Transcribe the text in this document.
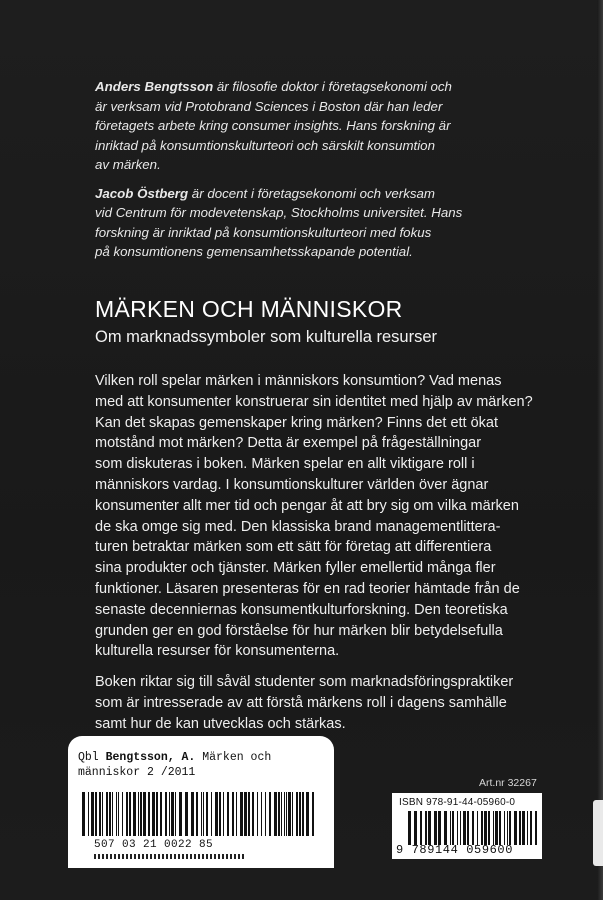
Anders Bengtsson är filosofie doktor i företagsekonomi och
är verksam vid Protobrand Sciences i Boston där han leder
företagets arbete kring consumer insights. Hans forskning är
inriktad på konsumtionskulturteori och särskilt konsumtion
av märken.

Jacob Östberg är docent i företagsekonomi och verksam
vid Centrum för modevetenskap, Stockholms universitet. Hans
forskning är inriktad på konsumtionskulturteori med fokus
på konsumtionens gemensamhetsskapande potential.

MÄRKEN OCH MÄNNISKOR
Om marknadssymboler som kulturella resurser

Vilken roll spelar märken i människors konsumtion? Vad menas
med att konsumenter konstruerar sin identitet med hjälp av märken?
Kan det skapas gemenskaper kring märken? Finns det ett ökat
motstånd mot märken? Detta är exempel på frågeställningar
som diskuteras i boken. Märken spelar en allt viktigare roll i
människors vardag. I konsumtionskulturer världen över ägnar
konsumenter allt mer tid och pengar åt att bry sig om vilka märken
de ska omge sig med. Den klassiska brand managementlittera-
turen betraktar märken som ett sätt för företag att differentiera
sina produkter och tjänster. Märken fyller emellertid många fler
funktioner. Läsaren presenteras för en rad teorier hämtade från de
senaste decenniernas konsumentkulturforskning. Den teoretiska
grunden ger en god förståelse för hur märken blir betydelsefulla
kulturella resurser för konsumenterna.

Boken riktar sig till såväl studenter som marknadsföringspraktiker
som är intresserade av att förstå märkens roll i dagens samhälle
samt hur de kan utvecklas och stärkas.

Qbl Bengtsson, A. Märken och
människor 2 /2011
507 03 21 0022 85
Art.nr 32267
ISBN 978-91-44-05960-0
9 789144 059600
